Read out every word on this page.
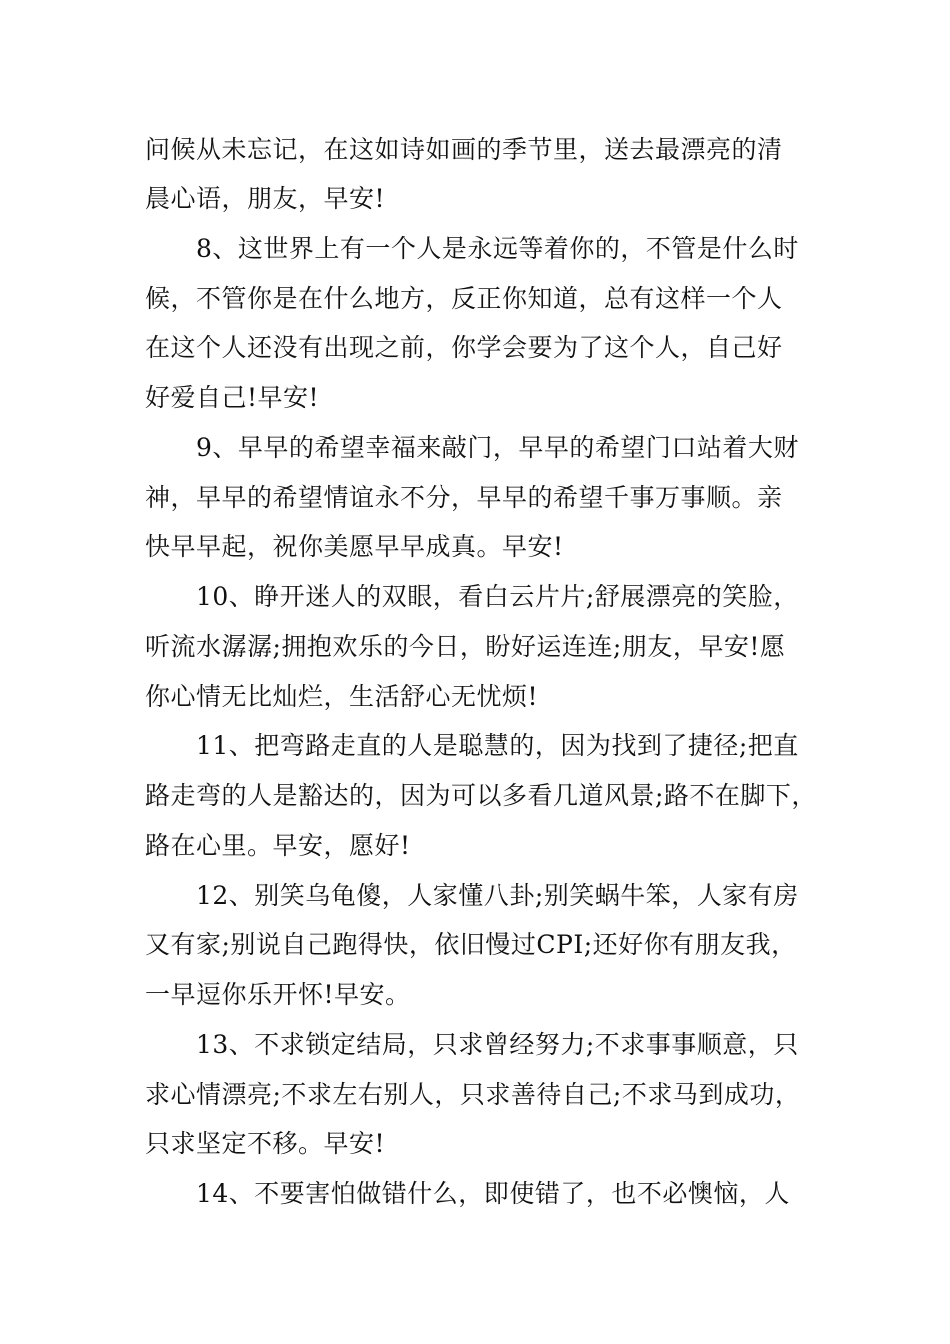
问候从未忘记，在这如诗如画的季节里，送去最漂亮的清
晨心语，朋友，早安!
8、这世界上有一个人是永远等着你的，不管是什么时
候，不管你是在什么地方，反正你知道，总有这样一个人
在这个人还没有出现之前，你学会要为了这个人，自己好
好爱自己!早安!
9、早早的希望幸福来敲门，早早的希望门口站着大财
神，早早的希望情谊永不分，早早的希望千事万事顺。亲
快早早起，祝你美愿早早成真。早安!
10、睁开迷人的双眼，看白云片片;舒展漂亮的笑脸，
听流水潺潺;拥抱欢乐的今日，盼好运连连;朋友，早安!愿
你心情无比灿烂，生活舒心无忧烦!
11、把弯路走直的人是聪慧的，因为找到了捷径;把直
路走弯的人是豁达的，因为可以多看几道风景;路不在脚下，
路在心里。早安，愿好!
12、别笑乌龟傻，人家懂八卦;别笑蜗牛笨，人家有房
又有家;别说自己跑得快，依旧慢过CPI;还好你有朋友我，
一早逗你乐开怀!早安。
13、不求锁定结局，只求曾经努力;不求事事顺意，只
求心情漂亮;不求左右别人，只求善待自己;不求马到成功，
只求坚定不移。早安!
14、不要害怕做错什么，即使错了，也不必懊恼，人
